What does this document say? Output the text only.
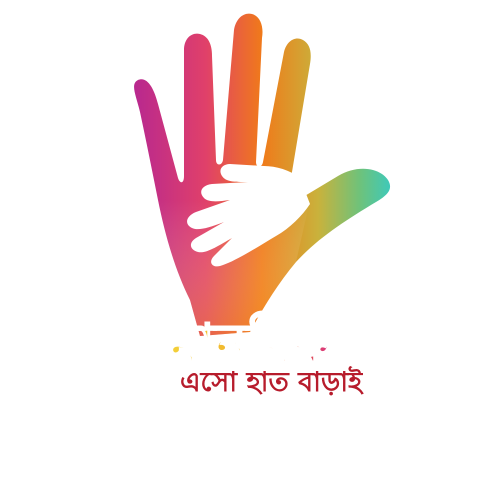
মানবিক
এসো হাত বাড়াই
